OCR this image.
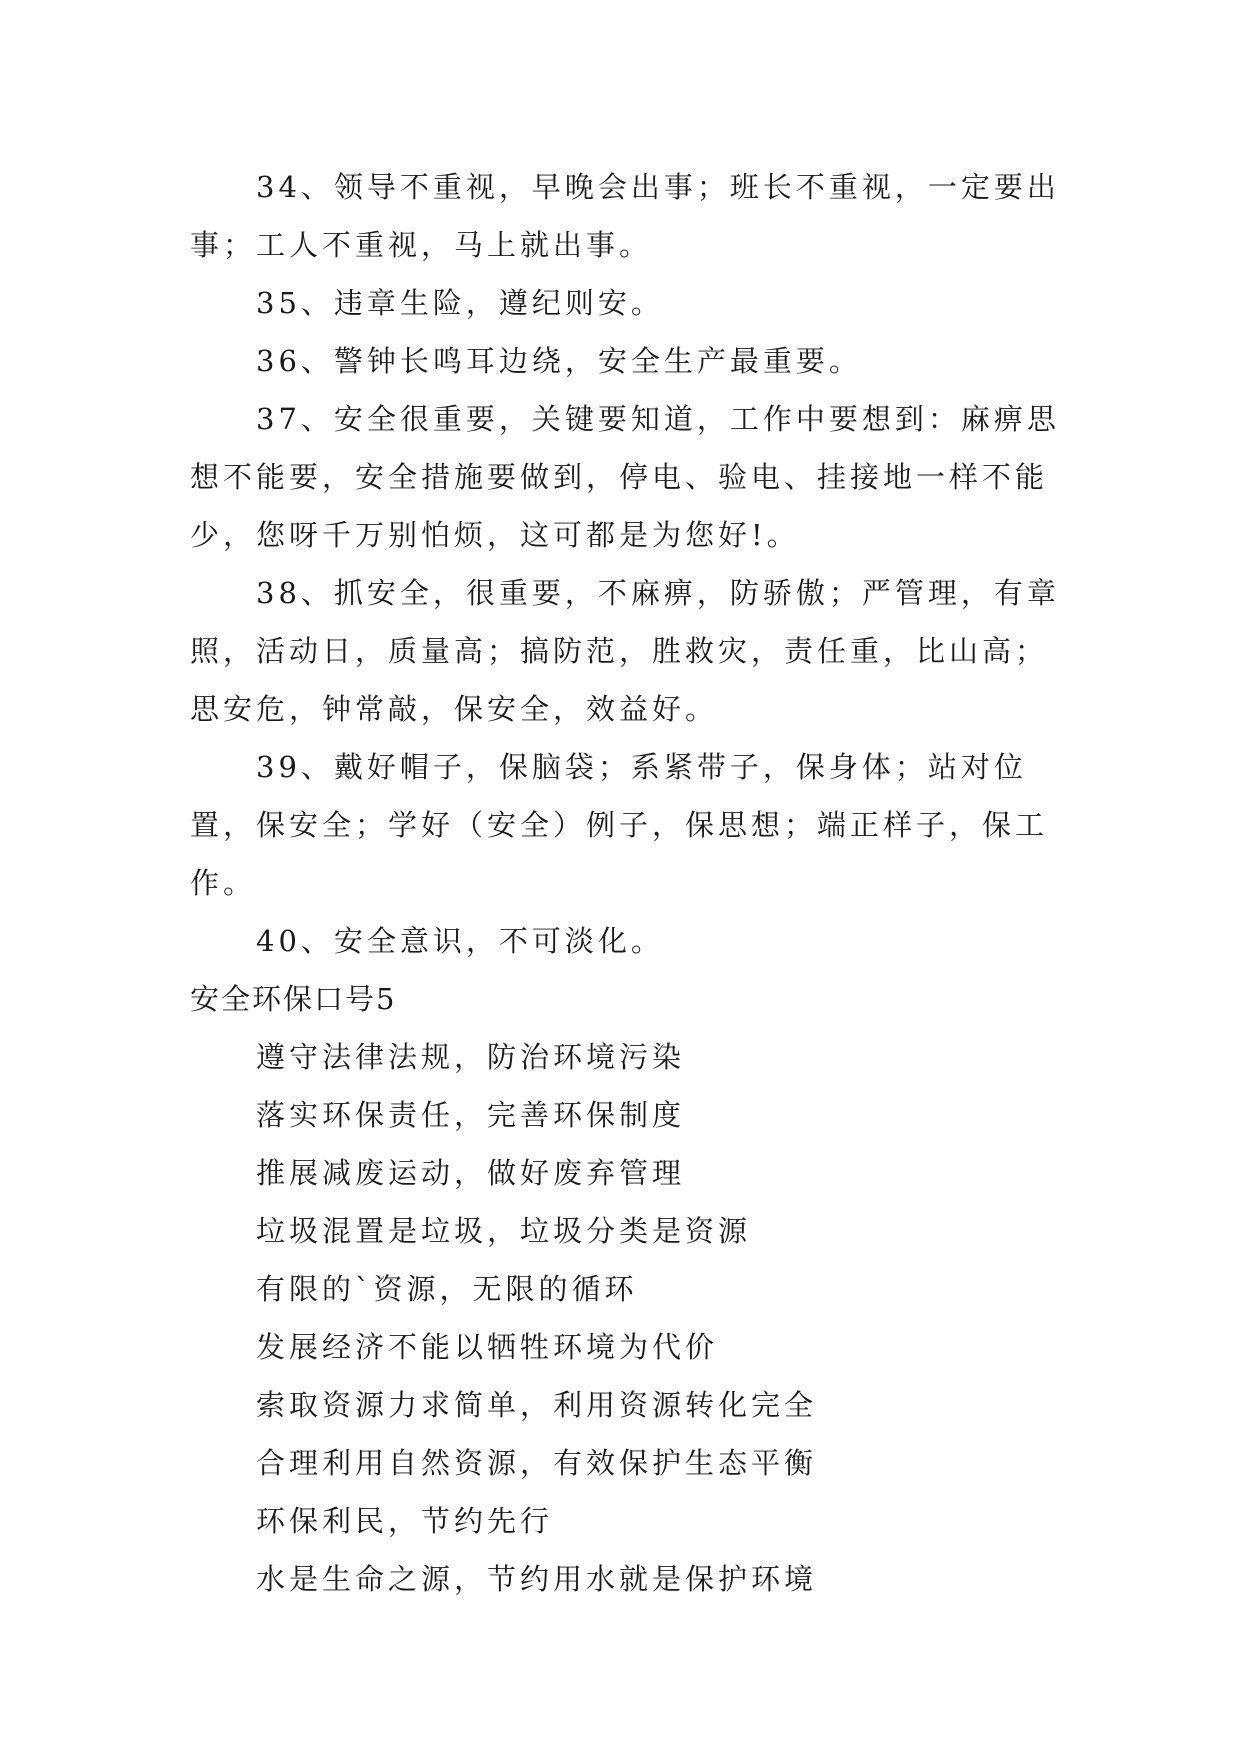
34、领导不重视，早晚会出事；班长不重视，一定要出事；工人不重视，马上就出事。

35、违章生险，遵纪则安。

36、警钟长鸣耳边绕，安全生产最重要。

37、安全很重要，关键要知道，工作中要想到：麻痹思想不能要，安全措施要做到，停电、验电、挂接地一样不能少，您呀千万别怕烦，这可都是为您好!。

38、抓安全，很重要，不麻痹，防骄傲；严管理，有章照，活动日，质量高；搞防范，胜救灾，责任重，比山高；思安危，钟常敲，保安全，效益好。

39、戴好帽子，保脑袋；系紧带子，保身体；站对位置，保安全；学好（安全）例子，保思想；端正样子，保工作。

40、安全意识，不可淡化。

安全环保口号5

遵守法律法规，防治环境污染

落实环保责任，完善环保制度

推展减废运动，做好废弃管理

垃圾混置是垃圾，垃圾分类是资源

有限的`资源，无限的循环

发展经济不能以牺牲环境为代价

索取资源力求简单，利用资源转化完全

合理利用自然资源，有效保护生态平衡

环保利民，节约先行

水是生命之源，节约用水就是保护环境
